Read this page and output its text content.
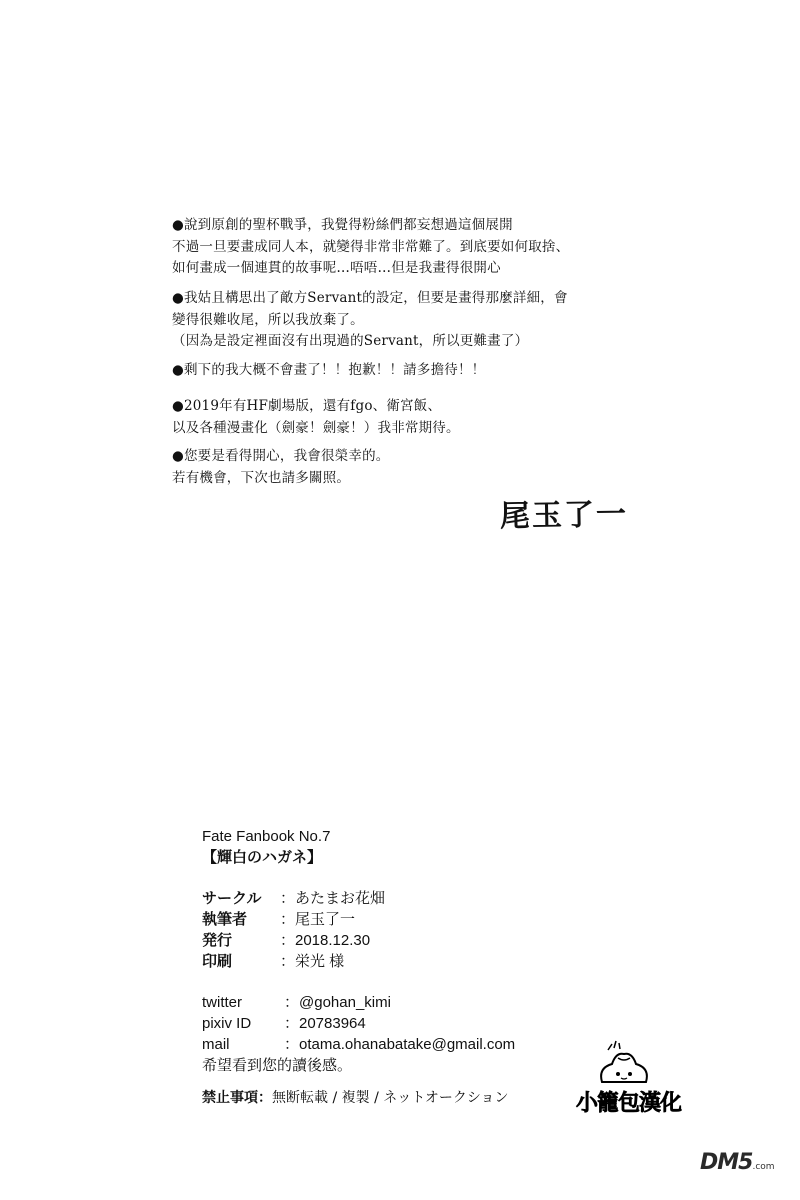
●說到原創的聖杯戰爭，我覺得粉絲們都妄想過這個展開
不過一旦要畫成同人本，就變得非常非常難了。到底要如何取捨、
如何畫成一個連貫的故事呢…唔唔…但是我畫得很開心
●我姑且構思出了敵方Servant的設定，但要是畫得那麼詳細，會
變得很難收尾，所以我放棄了。
（因為是設定裡面沒有出現過的Servant，所以更難畫了）
●剩下的我大概不會畫了！！抱歉！！請多擔待！！
●2019年有HF劇場版，還有fgo、衛宮飯、
以及各種漫畫化（劍豪！劍豪！）我非常期待。
●您要是看得開心，我會很榮幸的。
若有機會，下次也請多關照。
尾玉了一
Fate Fanbook No.7
【輝白のハガネ】
サークル ：あたまお花畑
執筆者 ：尾玉了一
発行	：2018.12.30
印刷	：栄光 様
twitter	：@gohan_kimi
pixiv ID ：20783964
mail	：otama.ohanabatake@gmail.com
希望看到您的讀後感。
禁止事項：無断転載 / 複製 / ネットオークション	小籠包漢化
DM5.com
